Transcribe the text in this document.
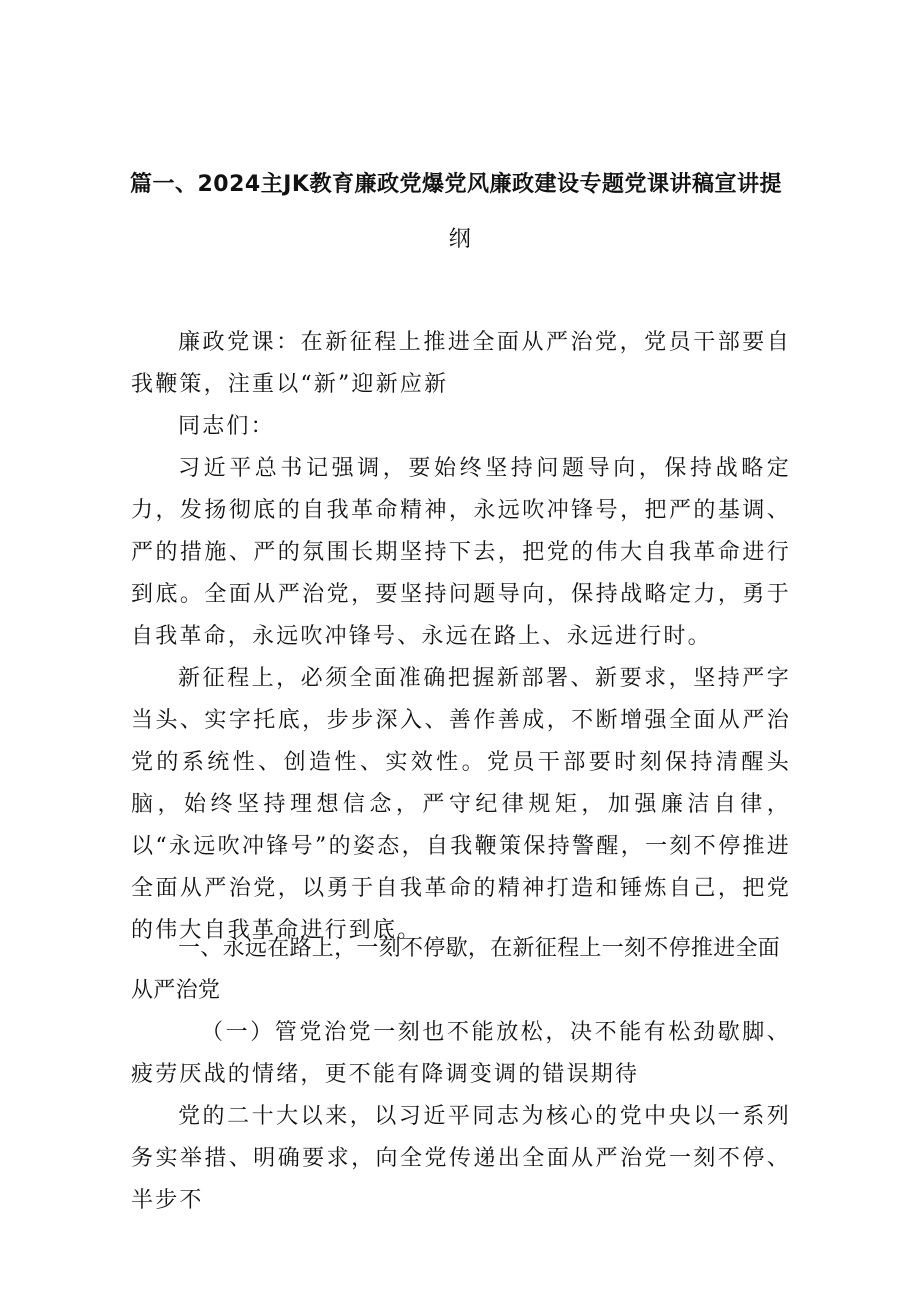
篇一、2024主JK教育廉政党爆党风廉政建设专题党课讲稿宣讲提

纲

廉政党课：在新征程上推进全面从严治党，党员干部要自我鞭策，注重以“新”迎新应新

同志们：

习近平总书记强调，要始终坚持问题导向，保持战略定力，发扬彻底的自我革命精神，永远吹冲锋号，把严的基调、严的措施、严的氛围长期坚持下去，把党的伟大自我革命进行到底。全面从严治党，要坚持问题导向，保持战略定力，勇于自我革命，永远吹冲锋号、永远在路上、永远进行时。

新征程上，必须全面准确把握新部署、新要求，坚持严字当头、实字托底，步步深入、善作善成，不断增强全面从严治党的系统性、创造性、实效性。党员干部要时刻保持清醒头脑，始终坚持理想信念，严守纪律规矩，加强廉洁自律，以“永远吹冲锋号”的姿态，自我鞭策保持警醒，一刻不停推进全面从严治党，以勇于自我革命的精神打造和锤炼自己，把党的伟大自我革命进行到底。

一、永远在路上，一刻不停歇，在新征程上一刻不停推进全面从严治党

（一）管党治党一刻也不能放松，决不能有松劲歇脚、疲劳厌战的情绪，更不能有降调变调的错误期待

党的二十大以来，以习近平同志为核心的党中央以一系列务实举措、明确要求，向全党传递出全面从严治党一刻不停、半步不
